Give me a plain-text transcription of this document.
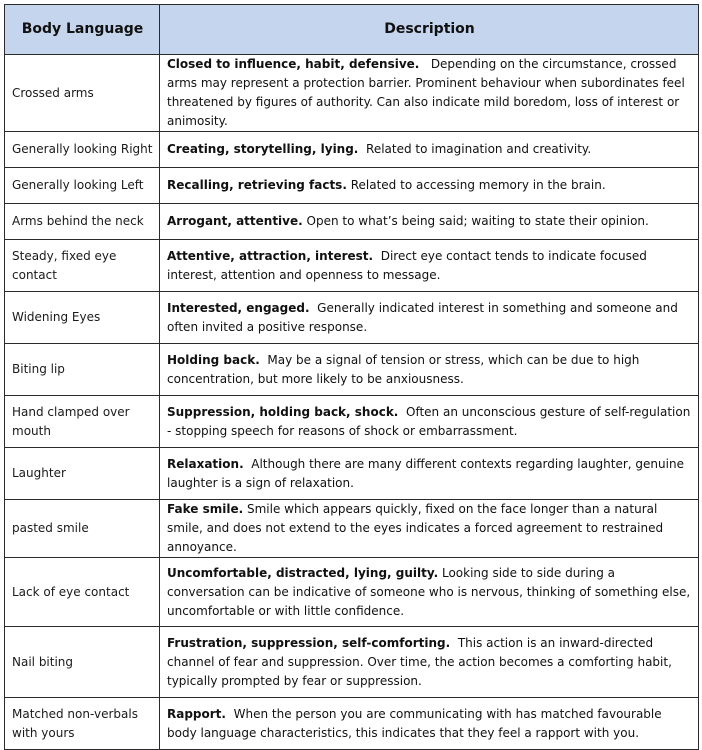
Body Language	Description
Crossed arms	Closed to influence, habit, defensive. Depending on the circumstance, crossed arms may represent a protection barrier. Prominent behaviour when subordinates feel threatened by figures of authority. Can also indicate mild boredom, loss of interest or animosity.
Generally looking Right	Creating, storytelling, lying. Related to imagination and creativity.
Generally looking Left	Recalling, retrieving facts. Related to accessing memory in the brain.
Arms behind the neck	Arrogant, attentive. Open to what’s being said; waiting to state their opinion.
Steady, fixed eye contact	Attentive, attraction, interest. Direct eye contact tends to indicate focused interest, attention and openness to message.
Widening Eyes	Interested, engaged. Generally indicated interest in something and someone and often invited a positive response.
Biting lip	Holding back. May be a signal of tension or stress, which can be due to high concentration, but more likely to be anxiousness.
Hand clamped over mouth	Suppression, holding back, shock. Often an unconscious gesture of self-regulation - stopping speech for reasons of shock or embarrassment.
Laughter	Relaxation. Although there are many different contexts regarding laughter, genuine laughter is a sign of relaxation.
pasted smile	Fake smile. Smile which appears quickly, fixed on the face longer than a natural smile, and does not extend to the eyes indicates a forced agreement to restrained annoyance.
Lack of eye contact	Uncomfortable, distracted, lying, guilty. Looking side to side during a conversation can be indicative of someone who is nervous, thinking of something else, uncomfortable or with little confidence.
Nail biting	Frustration, suppression, self-comforting. This action is an inward-directed channel of fear and suppression. Over time, the action becomes a comforting habit, typically prompted by fear or suppression.
Matched non-verbals with yours	Rapport. When the person you are communicating with has matched favourable body language characteristics, this indicates that they feel a rapport with you.
